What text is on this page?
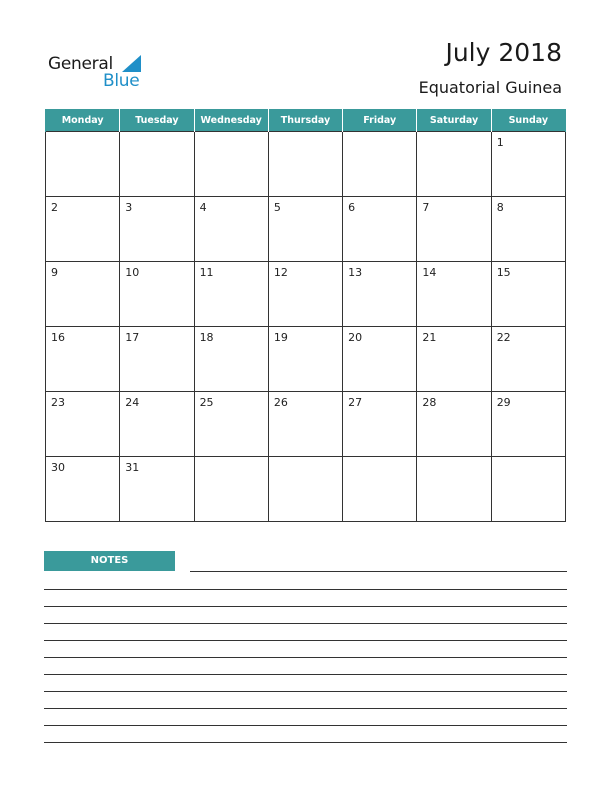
General
Blue
July 2018
Equatorial Guinea
Monday	Tuesday	Wednesday	Thursday	Friday	Saturday	Sunday

						1

2	3	4	5	6	7	8

9	10	11	12	13	14	15

16	17	18	19	20	21	22

23	24	25	26	27	28	29

30	31					

NOTES
